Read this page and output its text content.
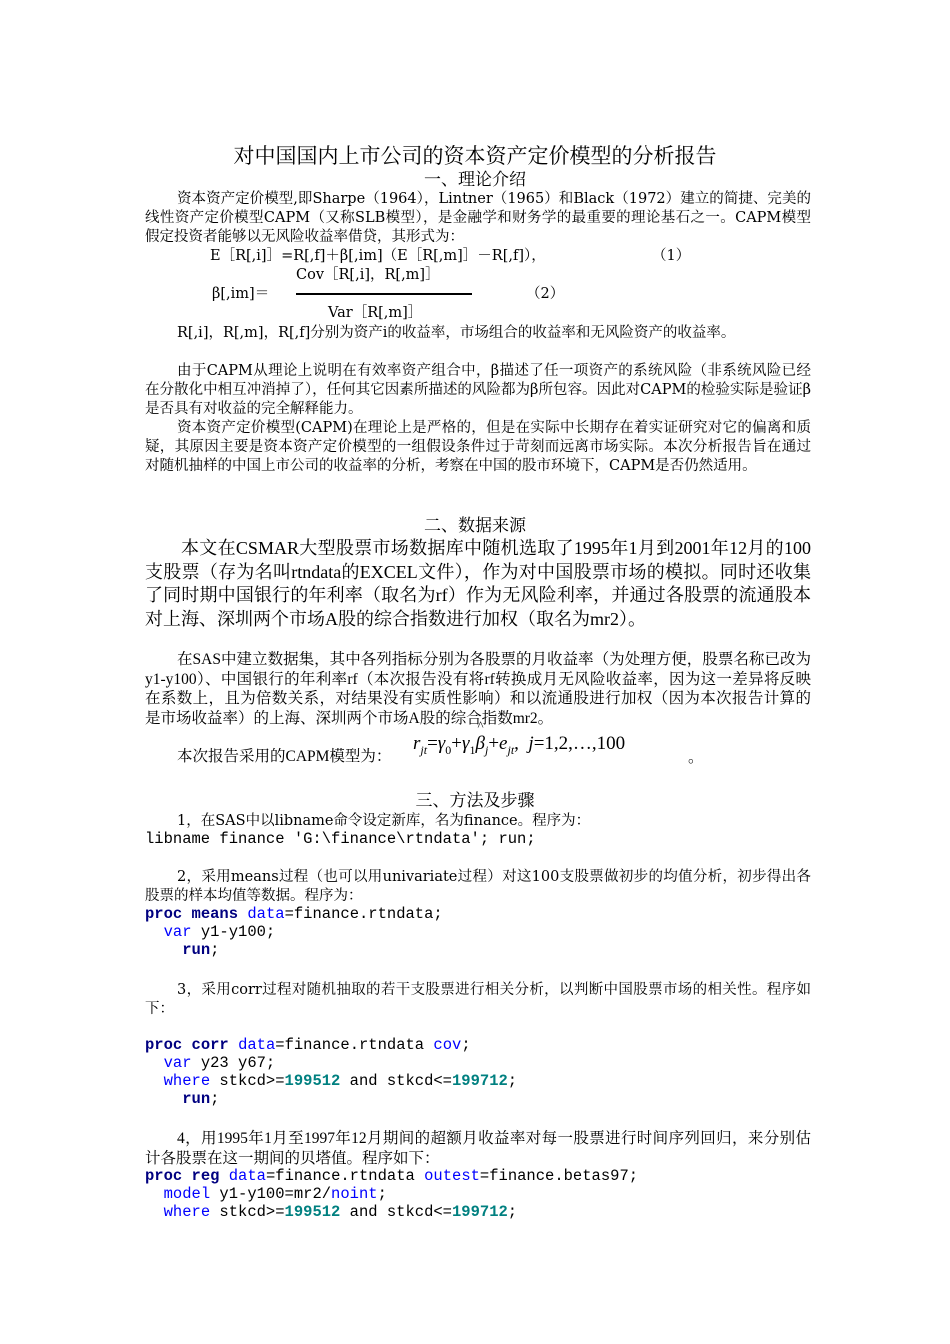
对中国国内上市公司的资本资产定价模型的分析报告
一、理论介绍

资本资产定价模型,即Sharpe（1964），Lintner（1965）和Black（1972）建立的简捷、完美的线性资产定价模型CAPM（又称SLB模型），是金融学和财务学的最重要的理论基石之一。CAPM模型假定投资者能够以无风险收益率借贷，其形式为：

E［R[,i]］=R[,f]＋β[,im]（E［R[,m]］－R[,f]），	（1）
Cov［R[,i]，R[,m]］
β[,im]＝	（2）
Var［R[,m]］

R[,i]，R[,m]，R[,f]分别为资产i的收益率，市场组合的收益率和无风险资产的收益率。

由于CAPM从理论上说明在有效率资产组合中，β描述了任一项资产的系统风险（非系统风险已经在分散化中相互冲消掉了），任何其它因素所描述的风险都为β所包容。因此对CAPM的检验实际是验证β是否具有对收益的完全解释能力。

资本资产定价模型(CAPM)在理论上是严格的，但是在实际中长期存在着实证研究对它的偏离和质疑，其原因主要是资本资产定价模型的一组假设条件过于苛刻而远离市场实际。本次分析报告旨在通过对随机抽样的中国上市公司的收益率的分析，考察在中国的股市环境下，CAPM是否仍然适用。

二、数据来源

本文在CSMAR大型股票市场数据库中随机选取了1995年1月到2001年12月的100支股票（存为名叫rtndata的EXCEL文件），作为对中国股票市场的模拟。同时还收集了同时期中国银行的年利率（取名为rf）作为无风险利率，并通过各股票的流通股本对上海、深圳两个市场A股的综合指数进行加权（取名为mr2）。

在SAS中建立数据集，其中各列指标分别为各股票的月收益率（为处理方便，股票名称已改为y1-y100）、中国银行的年利率rf（本次报告没有将rf转换成月无风险收益率，因为这一差异将反映在系数上，且为倍数关系，对结果没有实质性影响）和以流通股进行加权（因为本次报告计算的是市场收益率）的上海、深圳两个市场A股的综合指数mr2。

本次报告采用的CAPM模型为：
$r_{jt}=\gamma_0+\gamma_1\^{}$ $\beta_j+e_{jt}$, j=1,2,…,100
。
三、方法及步骤
1，在SAS中以libname命令设定新库，名为finance。程序为：
libname finance 'G:\finance\rtndata'; run;

2，采用means过程（也可以用univariate过程）对这100支股票做初步的均值分析，初步得出各股票的样本均值等数据。程序为：

proc means data=finance.rtndata;
var y1-y100;
run;

3，采用corr过程对随机抽取的若干支股票进行相关分析，以判断中国股票市场的相关性。程序如下：

proc corr data=finance.rtndata cov;
var y23 y67;
where stkcd>=199512 and stkcd<=199712;
run;

4，用1995年1月至1997年12月期间的超额月收益率对每一股票进行时间序列回归，来分别估计各股票在这一期间的贝塔值。程序如下：

proc reg data=finance.rtndata outest=finance.betas97;
model y1-y100=mr2/noint;
where stkcd>=199512 and stkcd<=199712;
